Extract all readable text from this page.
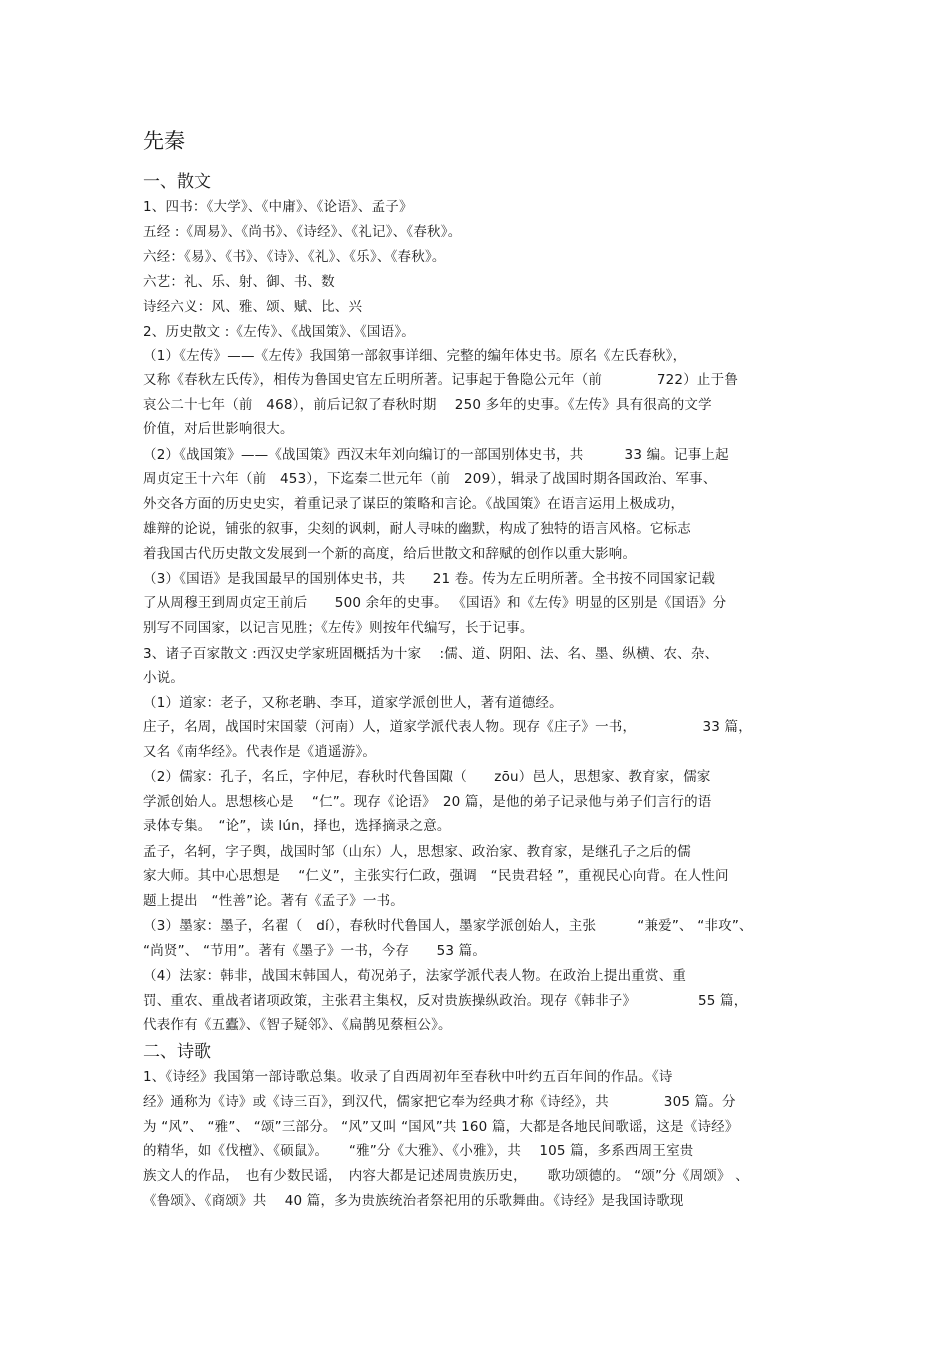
先秦
一、散文
1、四书：《大学》、《中庸》、《论语》、孟子》
五经 :《周易》、《尚书》、《诗经》、《礼记》、《春秋》。
六经：《易》、《书》、《诗》、《礼》、《乐》、《春秋》。
六艺：礼、乐、射、御、书、数
诗经六义：风、雅、颂、赋、比、兴
2、历史散文 :《左传》、《战国策》、《国语》。
（1）《左传》——《左传》我国第一部叙事详细、完整的编年体史书。原名《左氏春秋》，
又称《春秋左氏传》，相传为鲁国史官左丘明所著。记事起于鲁隐公元年（前　　　　722）止于鲁
哀公二十七年（前　468），前后记叙了春秋时期　 250 多年的史事。《左传》具有很高的文学
价值，对后世影响很大。
（2）《战国策》——《战国策》西汉末年刘向编订的一部国别体史书，共　　　33 编。记事上起
周贞定王十六年（前　453），下迄秦二世元年（前　209），辑录了战国时期各国政治、军事、
外交各方面的历史史实，着重记录了谋臣的策略和言论。《战国策》在语言运用上极成功，
雄辩的论说，铺张的叙事，尖刻的讽刺，耐人寻味的幽默，构成了独特的语言风格。它标志
着我国古代历史散文发展到一个新的高度，给后世散文和辞赋的创作以重大影响。
（3）《国语》是我国最早的国别体史书，共　　21 卷。传为左丘明所著。全书按不同国家记载
了从周穆王到周贞定王前后　　500 余年的史事。 《国语》和《左传》明显的区别是《国语》分
别写不同国家，以记言见胜；《左传》则按年代编写，长于记事。
3、诸子百家散文 :西汉史学家班固概括为十家　 :儒、道、阴阳、法、名、墨、纵横、农、杂、
小说。
（1）道家：老子，又称老聃、李耳，道家学派创世人，著有道德经。
庄子，名周，战国时宋国蒙（河南）人，道家学派代表人物。现存《庄子》一书，　　　　　 33 篇，
又名《南华经》。代表作是《逍遥游》。
（2）儒家：孔子，名丘，字仲尼，春秋时代鲁国陬（　　zōu）邑人，思想家、教育家，儒家
学派创始人。思想核心是　 “仁”。现存《论语》　20 篇，是他的弟子记录他与弟子们言行的语
录体专集。　“论”，读 lún，择也，选择摘录之意。
孟子，名轲，字子舆，战国时邹（山东）人，思想家、政治家、教育家，是继孔子之后的儒
家大师。其中心思想是　 “仁义”，主张实行仁政，强调　“民贵君轻 ”，重视民心向背。在人性问
题上提出　“性善”论。著有《孟子》一书。
（3）墨家：墨子，名翟（　dí），春秋时代鲁国人，墨家学派创始人，主张　　　“兼爱”、 “非攻”、
“尚贤”、 “节用”。著有《墨子》一书，今存　　53 篇。
（4）法家：韩非，战国末韩国人，荀况弟子，法家学派代表人物。在政治上提出重赏、重
罚、重农、重战者诸项政策，主张君主集权，反对贵族操纵政治。现存《韩非子》　　　　　55 篇，
代表作有《五蠹》、《智子疑邻》、《扁鹊见蔡桓公》。
二、诗歌
1、《诗经》我国第一部诗歌总集。收录了自西周初年至春秋中叶约五百年间的作品。《诗
经》通称为《诗》或《诗三百》，到汉代，儒家把它奉为经典才称《诗经》，共　　　　305 篇。分
为 “风”、 “雅”、 “颂”三部分。 “风”又叫 “国风”共 160 篇，大都是各地民间歌谣，这是《诗经》
的精华，如《伐檀》、《硕鼠》。　　“雅”分《大雅》、《小雅》，共　 105 篇，多系西周王室贵
族文人的作品，　也有少数民谣，　内容大都是记述周贵族历史，　　歌功颂德的。 “颂”分《周颂》 、
《鲁颂》、《商颂》共　 40 篇，多为贵族统治者祭祀用的乐歌舞曲。《诗经》是我国诗歌现
